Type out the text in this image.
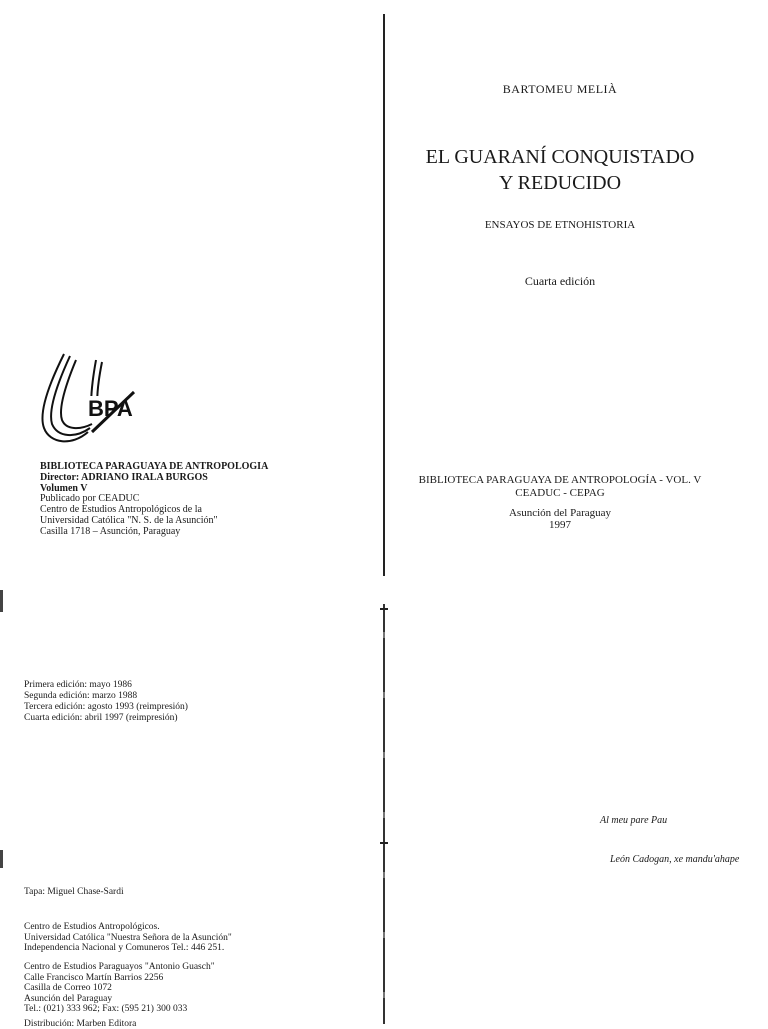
BARTOMEU MELIÀ
EL GUARANÍ CONQUISTADO
Y REDUCIDO
ENSAYOS DE ETNOHISTORIA
Cuarta edición
BIBLIOTECA PARAGUAYA DE ANTROPOLOGÍA - VOL. V
CEADUC - CEPAG
Asunción del Paraguay
1997
BPA
BIBLIOTECA PARAGUAYA DE ANTROPOLOGIA
Director: ADRIANO IRALA BURGOS
Volumen V
Publicado por CEADUC
Centro de Estudios Antropológicos de la
Universidad Católica "N. S. de la Asunción"
Casilla 1718 – Asunción, Paraguay
Primera edición: mayo 1986
Segunda edición: marzo 1988
Tercera edición: agosto 1993 (reimpresión)
Cuarta edición: abril 1997 (reimpresión)
Tapa: Miguel Chase-Sardi
Centro de Estudios Antropológicos.
Universidad Católica "Nuestra Señora de la Asunción"
Independencia Nacional y Comuneros Tel.: 446 251.
Centro de Estudios Paraguayos "Antonio Guasch"
Calle Francisco Martín Barrios 2256
Casilla de Correo 1072
Asunción del Paraguay
Tel.: (021) 333 962; Fax: (595 21) 300 033
Distribución: Marben Editora
Al meu pare Pau
León Cadogan, xe mandu'ahape
